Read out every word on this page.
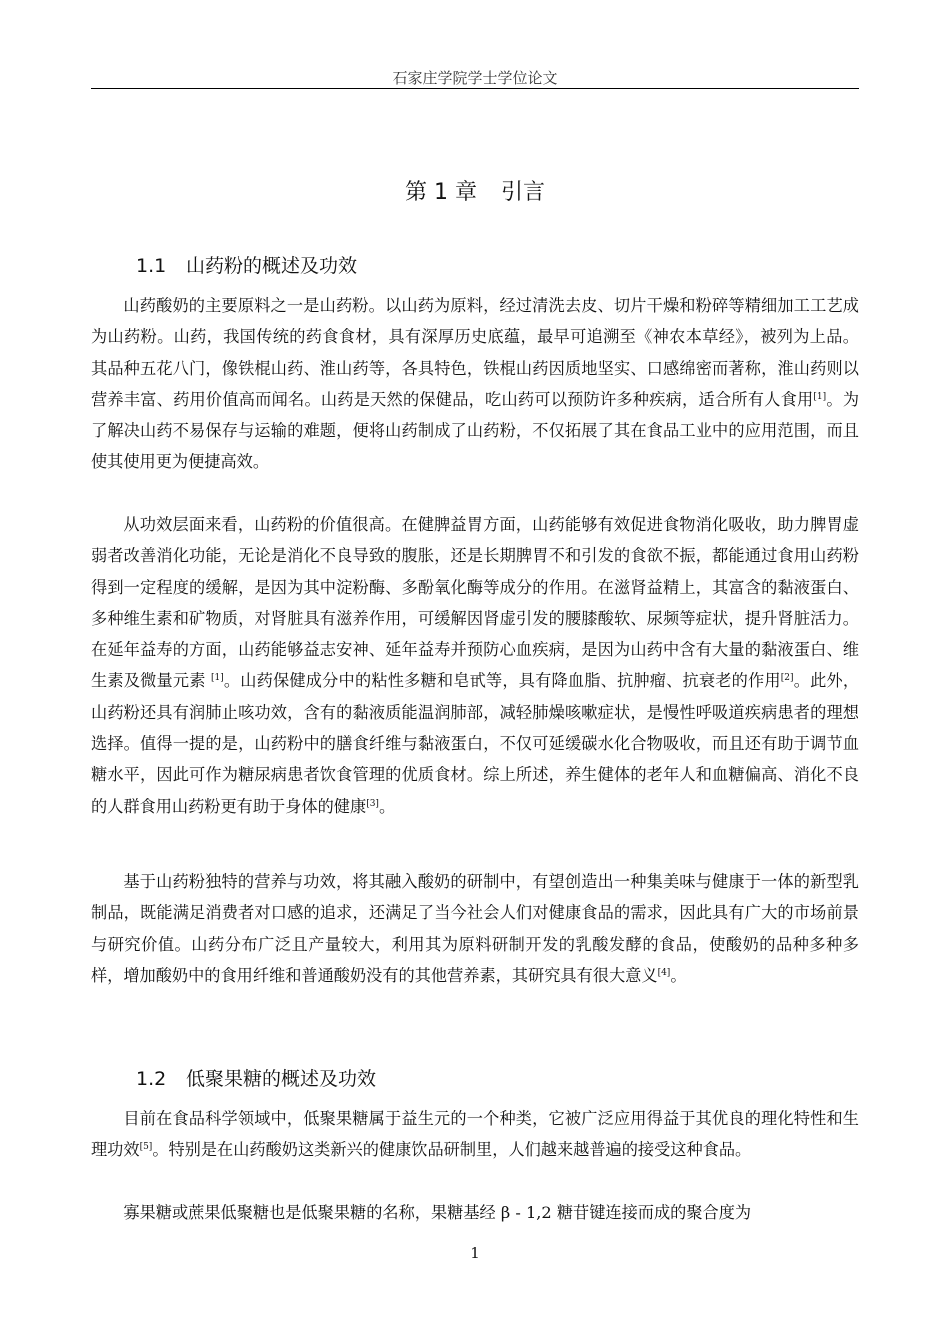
石家庄学院学士学位论文
第 1 章 引言
1.1 山药粉的概述及功效

山药酸奶的主要原料之一是山药粉。以山药为原料，经过清洗去皮、切片干燥和粉碎等精细加工工艺成为山药粉。山药，我国传统的药食食材，具有深厚历史底蕴，最早可追溯至《神农本草经》，被列为上品。其品种五花八门，像铁棍山药、淮山药等，各具特色，铁棍山药因质地坚实、口感绵密而著称，淮山药则以营养丰富、药用价值高而闻名。山药是天然的保健品，吃山药可以预防许多种疾病，适合所有人食用[1]。为了解决山药不易保存与运输的难题，便将山药制成了山药粉，不仅拓展了其在食品工业中的应用范围，而且使其使用更为便捷高效。

从功效层面来看，山药粉的价值很高。在健脾益胃方面，山药能够有效促进食物消化吸收，助力脾胃虚弱者改善消化功能，无论是消化不良导致的腹胀，还是长期脾胃不和引发的食欲不振，都能通过食用山药粉得到一定程度的缓解，是因为其中淀粉酶、多酚氧化酶等成分的作用。在滋肾益精上，其富含的黏液蛋白、多种维生素和矿物质，对肾脏具有滋养作用，可缓解因肾虚引发的腰膝酸软、尿频等症状，提升肾脏活力。在延年益寿的方面，山药能够益志安神、延年益寿并预防心血疾病，是因为山药中含有大量的黏液蛋白、维生素及微量元素 [1]。山药保健成分中的粘性多糖和皂甙等，具有降血脂、抗肿瘤、抗衰老的作用[2]。此外，山药粉还具有润肺止咳功效，含有的黏液质能温润肺部，减轻肺燥咳嗽症状，是慢性呼吸道疾病患者的理想选择。值得一提的是，山药粉中的膳食纤维与黏液蛋白，不仅可延缓碳水化合物吸收，而且还有助于调节血糖水平，因此可作为糖尿病患者饮食管理的优质食材。综上所述，养生健体的老年人和血糖偏高、消化不良的人群食用山药粉更有助于身体的健康[3]。

基于山药粉独特的营养与功效，将其融入酸奶的研制中，有望创造出一种集美味与健康于一体的新型乳制品，既能满足消费者对口感的追求，还满足了当今社会人们对健康食品的需求，因此具有广大的市场前景与研究价值。山药分布广泛且产量较大，利用其为原料研制开发的乳酸发酵的食品，使酸奶的品种多种多样，增加酸奶中的食用纤维和普通酸奶没有的其他营养素，其研究具有很大意义[4]。

1.2 低聚果糖的概述及功效

目前在食品科学领域中，低聚果糖属于益生元的一个种类，它被广泛应用得益于其优良的理化特性和生理功效[5]。特别是在山药酸奶这类新兴的健康饮品研制里，人们越来越普遍的接受这种食品。

寡果糖或蔗果低聚糖也是低聚果糖的名称，果糖基经 β - 1,2 糖苷键连接而成的聚合度为

1
